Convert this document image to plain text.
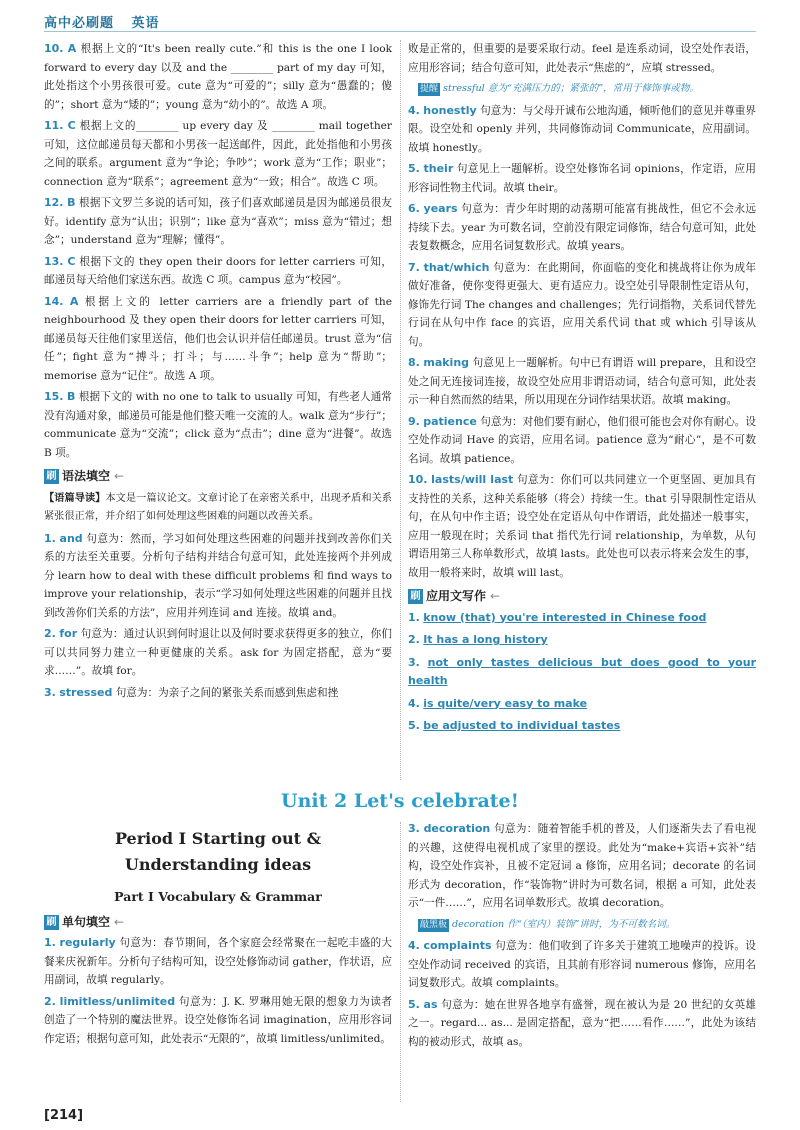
高中必刷题 英语
10. A 根据上文的“It's been really cute.”和 this is the one I look forward to every day 以及 and the ________ part of my day 可知，此处指这个小男孩很可爱。cute 意为“可爱的”；silly 意为“愚蠢的；傻的”；short 意为“矮的”；young 意为“幼小的”。故选 A 项。
11. C 根据上文的________ up every day 及 ________ mail together 可知，这位邮递员每天都和小男孩一起送邮件，因此，此处指他和小男孩之间的联系。argument 意为“争论；争吵”；work 意为“工作；职业”；connection 意为“联系”；agreement 意为“一致；相合”。故选 C 项。
12. B 根据下文罗兰多说的话可知，孩子们喜欢邮递员是因为邮递员很友好。identify 意为“认出；识别”；like 意为“喜欢”；miss 意为“错过；想念”；understand 意为“理解；懂得”。
13. C 根据下文的 they open their doors for letter carriers 可知，邮递员每天给他们家送东西。故选 C 项。campus 意为“校园”。
14. A 根据上文的 letter carriers are a friendly part of the neighbourhood 及 they open their doors for letter carriers 可知，邮递员每天往他们家里送信，他们也会认识并信任邮递员。trust 意为“信任”；fight 意为“搏斗；打斗；与……斗争”；help 意为“帮助”；memorise 意为“记住”。故选 A 项。
15. B 根据下文的 with no one to talk to usually 可知，有些老人通常没有沟通对象，邮递员可能是他们整天唯一交流的人。walk 意为“步行”；communicate 意为“交流”；click 意为“点击”；dine 意为“进餐”。故选 B 项。
刷 语法填空 ←
【语篇导读】本文是一篇议论文。文章讨论了在亲密关系中，出现矛盾和关系紧张很正常，并介绍了如何处理这些困难的问题以改善关系。
1. and 句意为：然而，学习如何处理这些困难的问题并找到改善你们关系的方法至关重要。分析句子结构并结合句意可知，此处连接两个并列成分 learn how to deal with these difficult problems 和 find ways to improve your relationship，表示“学习如何处理这些困难的问题并且找到改善你们关系的方法”，应用并列连词 and 连接。故填 and。
2. for 句意为：通过认识到何时退让以及何时要求获得更多的独立，你们可以共同努力建立一种更健康的关系。ask for 为固定搭配，意为“要求……”。故填 for。
3. stressed 句意为：为亲子之间的紧张关系而感到焦虑和挫
败是正常的，但重要的是要采取行动。feel 是连系动词，设空处作表语，应用形容词；结合句意可知，此处表示“焦虑的”，应填 stressed。
提醒 stressful 意为“充满压力的；紧张的”，常用于修饰事或物。
4. honestly 句意为：与父母开诚布公地沟通，倾听他们的意见并尊重界限。设空处和 openly 并列，共同修饰动词 Communicate，应用副词。故填 honestly。
5. their 句意见上一题解析。设空处修饰名词 opinions，作定语，应用形容词性物主代词。故填 their。
6. years 句意为：青少年时期的动荡期可能富有挑战性，但它不会永远持续下去。year 为可数名词，空前没有限定词修饰，结合句意可知，此处表复数概念，应用名词复数形式。故填 years。
7. that/which 句意为：在此期间，你面临的变化和挑战将让你为成年做好准备，使你变得更强大、更有适应力。设空处引导限制性定语从句，修饰先行词 The changes and challenges；先行词指物，关系词代替先行词在从句中作 face 的宾语，应用关系代词 that 或 which 引导该从句。
8. making 句意见上一题解析。句中已有谓语 will prepare，且和设空处之间无连接词连接，故设空处应用非谓语动词，结合句意可知，此处表示一种自然而然的结果，所以用现在分词作结果状语。故填 making。
9. patience 句意为：对他们要有耐心，他们很可能也会对你有耐心。设空处作动词 Have 的宾语，应用名词。patience 意为“耐心”，是不可数名词。故填 patience。
10. lasts/will last 句意为：你们可以共同建立一个更坚固、更加具有支持性的关系，这种关系能够（将会）持续一生。that 引导限制性定语从句，在从句中作主语；设空处在定语从句中作谓语，此处描述一般事实，应用一般现在时；关系词 that 指代先行词 relationship，为单数，从句谓语用第三人称单数形式，故填 lasts。此处也可以表示将来会发生的事，故用一般将来时，故填 will last。
刷 应用文写作 ←
1. know (that) you're interested in Chinese food
2. It has a long history
3. not only tastes delicious but does good to your health
4. is quite/very easy to make
5. be adjusted to individual tastes
Unit 2 Let's celebrate!
Period Ⅰ Starting out &
Understanding ideas
Part Ⅰ Vocabulary & Grammar
刷 单句填空 ←
1. regularly 句意为：春节期间，各个家庭会经常聚在一起吃丰盛的大餐来庆祝新年。分析句子结构可知，设空处修饰动词 gather，作状语，应用副词，故填 regularly。
2. limitless/unlimited 句意为：J. K. 罗琳用她无限的想象力为读者创造了一个特别的魔法世界。设空处修饰名词 imagination，应用形容词作定语；根据句意可知，此处表示“无限的”，故填 limitless/unlimited。
3. decoration 句意为：随着智能手机的普及，人们逐渐失去了看电视的兴趣，这使得电视机成了家里的摆设。此处为“make+宾语+宾补”结构，设空处作宾补，且被不定冠词 a 修饰，应用名词；decorate 的名词形式为 decoration，作“装饰物”讲时为可数名词，根据 a 可知，此处表示“一件……”，应用名词单数形式。故填 decoration。
敲黑板 decoration 作“（室内）装饰”讲时，为不可数名词。
4. complaints 句意为：他们收到了许多关于建筑工地噪声的投诉。设空处作动词 received 的宾语，且其前有形容词 numerous 修饰，应用名词复数形式。故填 complaints。
5. as 句意为：她在世界各地享有盛誉，现在被认为是 20 世纪的女英雄之一。regard... as... 是固定搭配，意为“把……看作……”，此处为该结构的被动形式，故填 as。
[214]
